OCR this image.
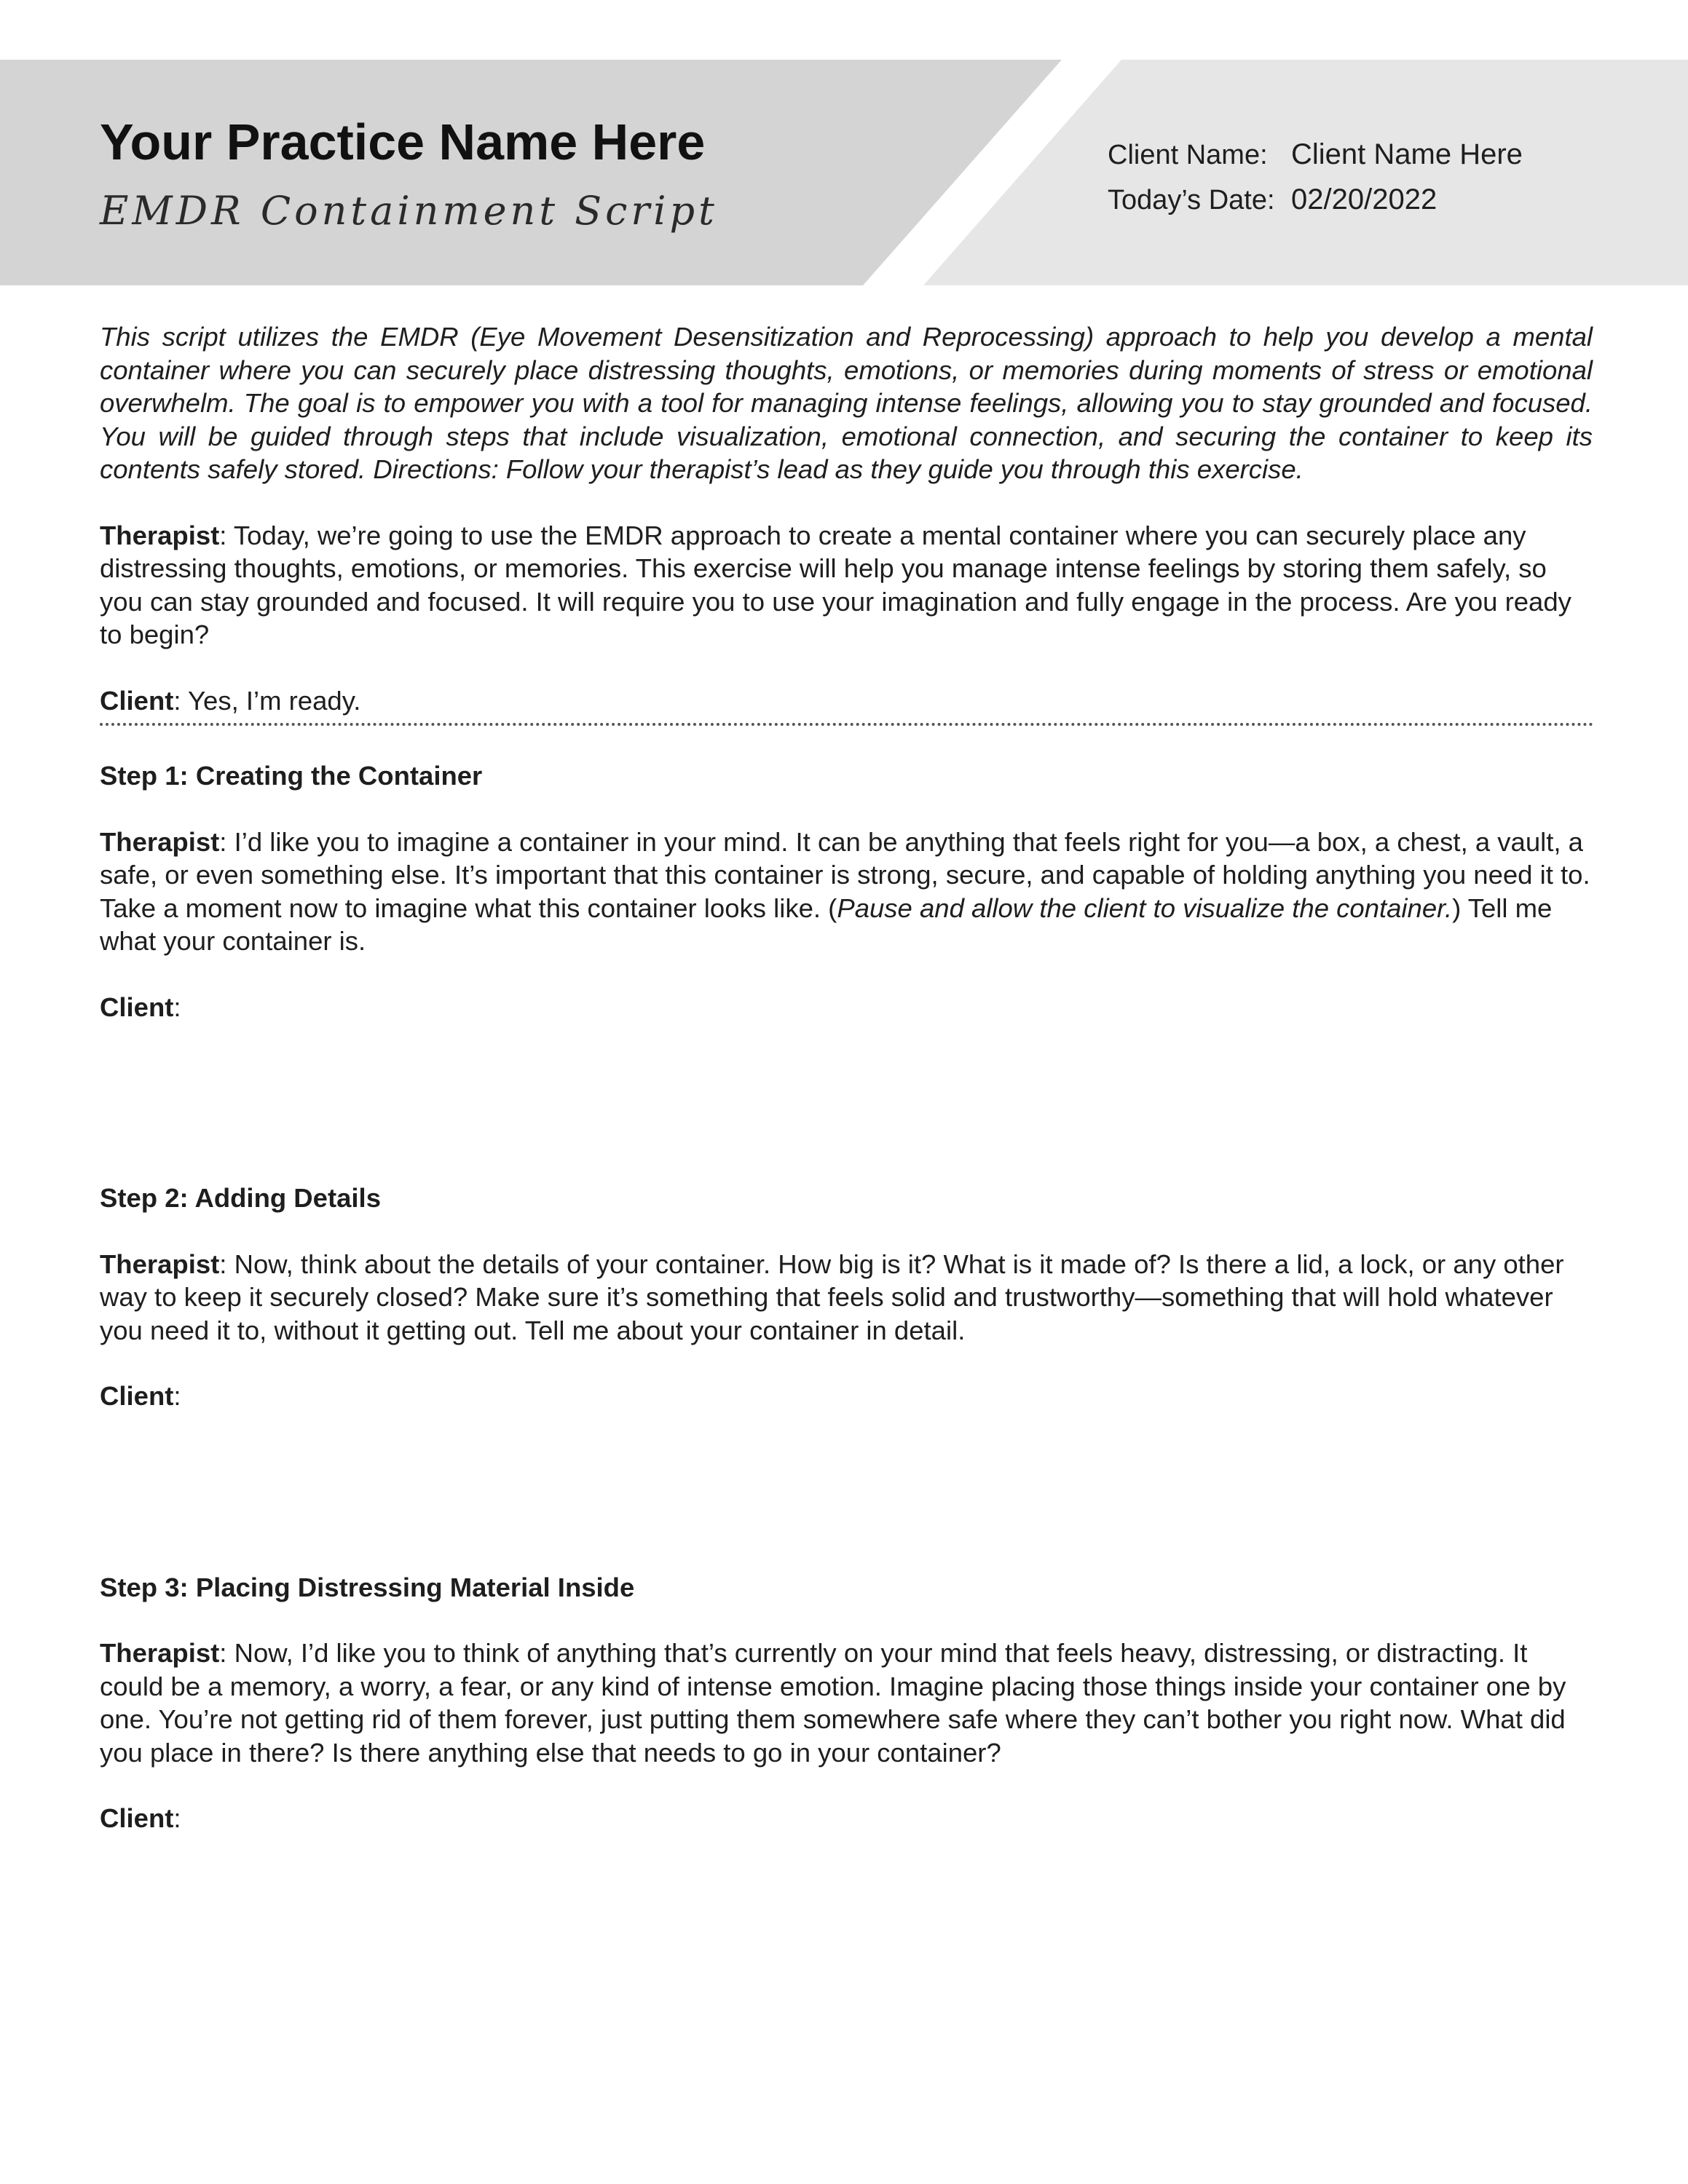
Your Practice Name Here
EMDR Containment Script
Client Name: Client Name Here
Today’s Date: 02/20/2022

This script utilizes the EMDR (Eye Movement Desensitization and Reprocessing) approach to help you develop a mental container where you can securely place distressing thoughts, emotions, or memories during moments of stress or emotional overwhelm. The goal is to empower you with a tool for managing intense feelings, allowing you to stay grounded and focused. You will be guided through steps that include visualization, emotional connection, and securing the container to keep its contents safely stored. Directions: Follow your therapist’s lead as they guide you through this exercise.

Therapist: Today, we’re going to use the EMDR approach to create a mental container where you can securely place any distressing thoughts, emotions, or memories. This exercise will help you manage intense feelings by storing them safely, so you can stay grounded and focused. It will require you to use your imagination and fully engage in the process. Are you ready to begin?

Client: Yes, I’m ready.

Step 1: Creating the Container

Therapist: I’d like you to imagine a container in your mind. It can be anything that feels right for you—a box, a chest, a vault, a safe, or even something else. It’s important that this container is strong, secure, and capable of holding anything you need it to. Take a moment now to imagine what this container looks like. (Pause and allow the client to visualize the container.) Tell me what your container is.

Client:

Step 2: Adding Details

Therapist: Now, think about the details of your container. How big is it? What is it made of? Is there a lid, a lock, or any other way to keep it securely closed? Make sure it’s something that feels solid and trustworthy—something that will hold whatever you need it to, without it getting out. Tell me about your container in detail.

Client:

Step 3: Placing Distressing Material Inside

Therapist: Now, I’d like you to think of anything that’s currently on your mind that feels heavy, distressing, or distracting. It could be a memory, a worry, a fear, or any kind of intense emotion. Imagine placing those things inside your container one by one. You’re not getting rid of them forever, just putting them somewhere safe where they can’t bother you right now. What did you place in there? Is there anything else that needs to go in your container?

Client:
